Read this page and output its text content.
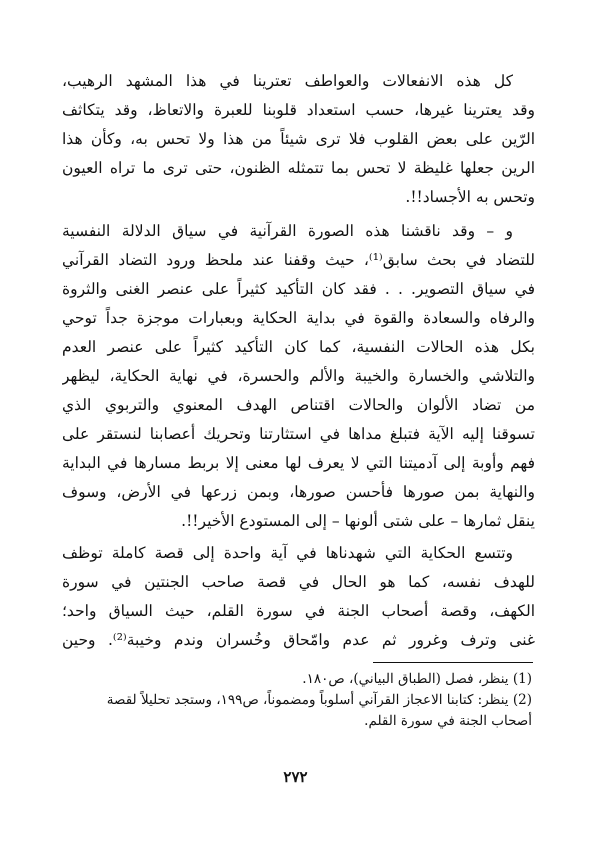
كل هذه الانفعالات والعواطف تعترينا في هذا المشهد الرهيب،
وقد يعترينا غيرها، حسب استعداد قلوبنا للعبرة والاتعاظ، وقد يتكاثف
الرّين على بعض القلوب فلا ترى شيئاً من هذا ولا تحس به، وكأن هذا
الرين جعلها غليظة لا تحس بما تتمثله الظنون، حتى ترى ما تراه العيون
وتحس به الأجساد!!.
و – وقد ناقشنا هذه الصورة القرآنية في سياق الدلالة النفسية
للتضاد في بحث سابق⁽¹⁾، حيث وقفنا عند ملحظ ورود التضاد القرآني
في سياق التصوير. . . فقد كان التأكيد كثيراً على عنصر الغنى والثروة
والرفاه والسعادة والقوة في بداية الحكاية وبعبارات موجزة جداً توحي
بكل هذه الحالات النفسية، كما كان التأكيد كثيراً على عنصر العدم
والتلاشي والخسارة والخيبة والألم والحسرة، في نهاية الحكاية، ليظهر
من تضاد الألوان والحالات اقتناص الهدف المعنوي والتربوي الذي
تسوقنا إليه الآية فتبلغ مداها في استثارتنا وتحريك أعصابنا لنستقر على
فهم وأوبة إلى آدميتنا التي لا يعرف لها معنى إلا بربط مسارها في البداية
والنهاية بمن صورها فأحسن صورها، وبمن زرعها في الأرض، وسوف
ينقل ثمارها – على شتى ألونها – إلى المستودع الأخير!!.
وتتسع الحكاية التي شهدناها في آية واحدة إلى قصة كاملة توظف
للهدف نفسه، كما هو الحال في قصة صاحب الجنتين في سورة
الكهف، وقصة أصحاب الجنة في سورة القلم، حيث السياق واحد؛
غنى وترف وغرور ثم عدم وامّحاق وخُسران وندم وخيبة⁽²⁾. وحين
(1) ينظر، فصل (الطباق البياني)، ص١٨٠.
(2) ينظر: كتابنا الاعجاز القرآني أسلوباً ومضموناً، ص١٩٩، وستجد تحليلاً لقصة
أصحاب الجنة في سورة القلم.
٢٧٢
